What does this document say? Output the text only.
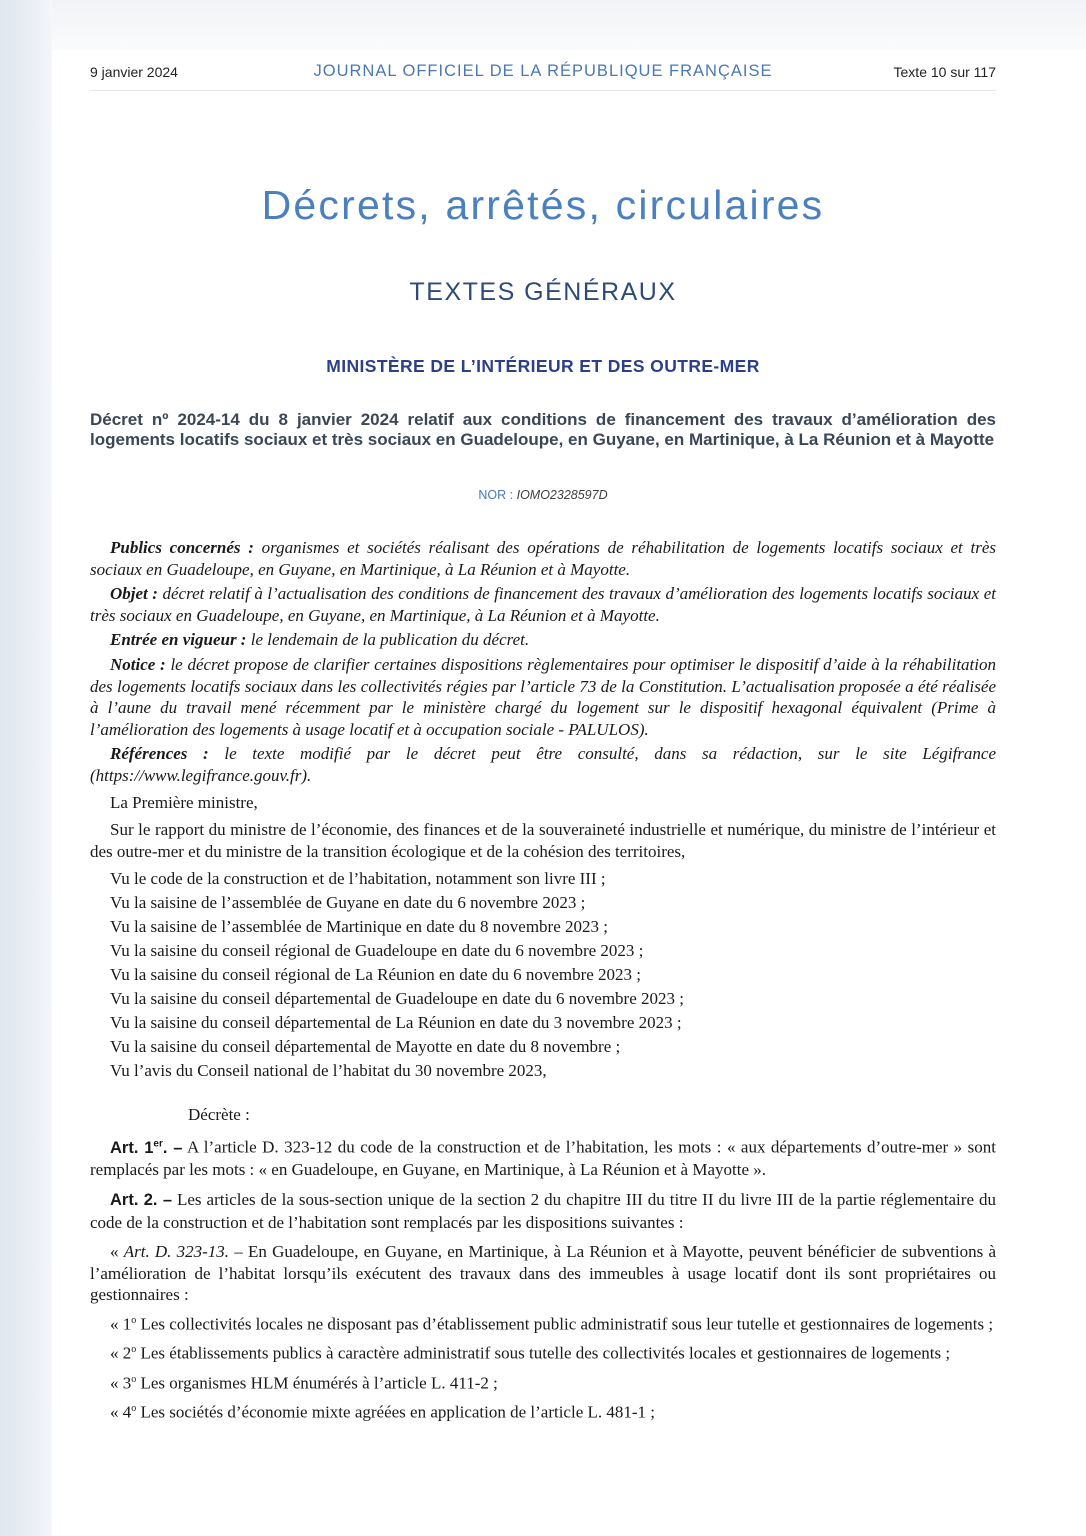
9 janvier 2024	JOURNAL OFFICIEL DE LA RÉPUBLIQUE FRANÇAISE	Texte 10 sur 117
Décrets, arrêtés, circulaires
TEXTES GÉNÉRAUX
MINISTÈRE DE L’INTÉRIEUR ET DES OUTRE-MER
Décret nº 2024-14 du 8 janvier 2024 relatif aux conditions de financement des travaux d’amélioration des logements locatifs sociaux et très sociaux en Guadeloupe, en Guyane, en Martinique, à La Réunion et à Mayotte
NOR : IOMO2328597D

Publics concernés : organismes et sociétés réalisant des opérations de réhabilitation de logements locatifs sociaux et très sociaux en Guadeloupe, en Guyane, en Martinique, à La Réunion et à Mayotte.

Objet : décret relatif à l’actualisation des conditions de financement des travaux d’amélioration des logements locatifs sociaux et très sociaux en Guadeloupe, en Guyane, en Martinique, à La Réunion et à Mayotte.

Entrée en vigueur : le lendemain de la publication du décret.

Notice : le décret propose de clarifier certaines dispositions règlementaires pour optimiser le dispositif d’aide à la réhabilitation des logements locatifs sociaux dans les collectivités régies par l’article 73 de la Constitution. L’actualisation proposée a été réalisée à l’aune du travail mené récemment par le ministère chargé du logement sur le dispositif hexagonal équivalent (Prime à l’amélioration des logements à usage locatif et à occupation sociale - PALULOS).

Références : le texte modifié par le décret peut être consulté, dans sa rédaction, sur le site Légifrance (https://www.legifrance.gouv.fr).

La Première ministre,

Sur le rapport du ministre de l’économie, des finances et de la souveraineté industrielle et numérique, du ministre de l’intérieur et des outre-mer et du ministre de la transition écologique et de la cohésion des territoires,

Vu le code de la construction et de l’habitation, notamment son livre III ;

Vu la saisine de l’assemblée de Guyane en date du 6 novembre 2023 ;

Vu la saisine de l’assemblée de Martinique en date du 8 novembre 2023 ;

Vu la saisine du conseil régional de Guadeloupe en date du 6 novembre 2023 ;

Vu la saisine du conseil régional de La Réunion en date du 6 novembre 2023 ;

Vu la saisine du conseil départemental de Guadeloupe en date du 6 novembre 2023 ;

Vu la saisine du conseil départemental de La Réunion en date du 3 novembre 2023 ;

Vu la saisine du conseil départemental de Mayotte en date du 8 novembre ;

Vu l’avis du Conseil national de l’habitat du 30 novembre 2023,

Décrète :

Art. 1er. – A l’article D. 323-12 du code de la construction et de l’habitation, les mots : « aux départements d’outre-mer » sont remplacés par les mots : « en Guadeloupe, en Guyane, en Martinique, à La Réunion et à Mayotte ».

Art. 2. – Les articles de la sous-section unique de la section 2 du chapitre III du titre II du livre III de la partie réglementaire du code de la construction et de l’habitation sont remplacés par les dispositions suivantes :

« Art. D. 323-13. – En Guadeloupe, en Guyane, en Martinique, à La Réunion et à Mayotte, peuvent bénéficier de subventions à l’amélioration de l’habitat lorsqu’ils exécutent des travaux dans des immeubles à usage locatif dont ils sont propriétaires ou gestionnaires :

« 1$^o$ Les collectivités locales ne disposant pas d’établissement public administratif sous leur tutelle et gestionnaires de logements ;

« 2$^o$ Les établissements publics à caractère administratif sous tutelle des collectivités locales et gestionnaires de logements ;

« 3$^o$ Les organismes HLM énumérés à l’article L. 411-2 ;

« 4$^o$ Les sociétés d’économie mixte agréées en application de l’article L. 481-1 ;
